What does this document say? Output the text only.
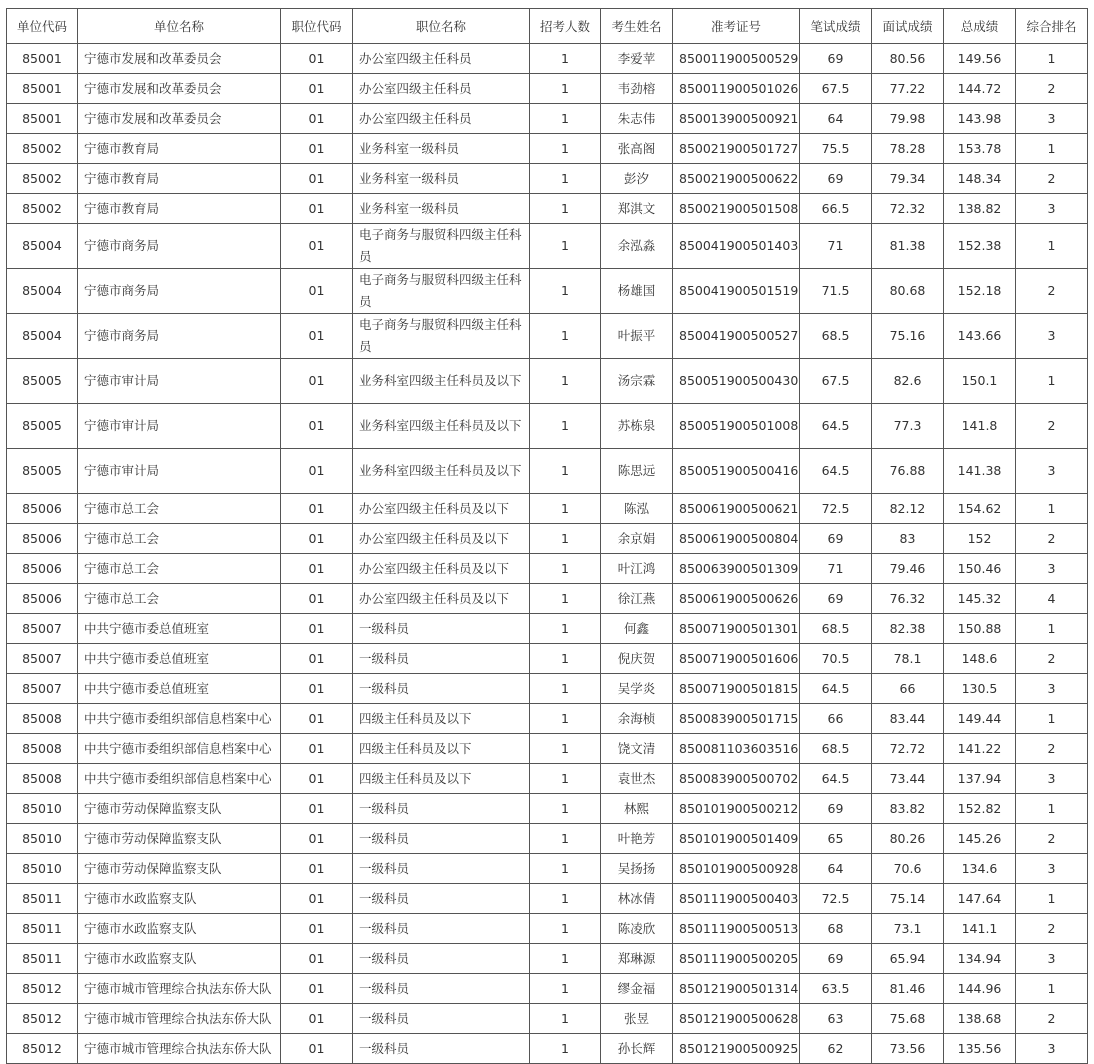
单位代码	单位名称	职位代码	职位名称	招考人数	考生姓名	准考证号	笔试成绩	面试成绩	总成绩	综合排名
85001	宁德市发展和改革委员会	01	办公室四级主任科员	1	李爱苹	850011900500529	69	80.56	149.56	1
85001	宁德市发展和改革委员会	01	办公室四级主任科员	1	韦劲榕	850011900501026	67.5	77.22	144.72	2
85001	宁德市发展和改革委员会	01	办公室四级主任科员	1	朱志伟	850013900500921	64	79.98	143.98	3
85002	宁德市教育局	01	业务科室一级科员	1	张高阁	850021900501727	75.5	78.28	153.78	1
85002	宁德市教育局	01	业务科室一级科员	1	彭汐	850021900500622	69	79.34	148.34	2
85002	宁德市教育局	01	业务科室一级科员	1	郑淇文	850021900501508	66.5	72.32	138.82	3
85004	宁德市商务局	01	电子商务与服贸科四级主任科员	1	余泓淼	850041900501403	71	81.38	152.38	1
85004	宁德市商务局	01	电子商务与服贸科四级主任科员	1	杨雄国	850041900501519	71.5	80.68	152.18	2
85004	宁德市商务局	01	电子商务与服贸科四级主任科员	1	叶振平	850041900500527	68.5	75.16	143.66	3
85005	宁德市审计局	01	业务科室四级主任科员及以下	1	汤宗霖	850051900500430	67.5	82.6	150.1	1
85005	宁德市审计局	01	业务科室四级主任科员及以下	1	苏栋泉	850051900501008	64.5	77.3	141.8	2
85005	宁德市审计局	01	业务科室四级主任科员及以下	1	陈思远	850051900500416	64.5	76.88	141.38	3
85006	宁德市总工会	01	办公室四级主任科员及以下	1	陈泓	850061900500621	72.5	82.12	154.62	1
85006	宁德市总工会	01	办公室四级主任科员及以下	1	余京娟	850061900500804	69	83	152	2
85006	宁德市总工会	01	办公室四级主任科员及以下	1	叶江鸿	850063900501309	71	79.46	150.46	3
85006	宁德市总工会	01	办公室四级主任科员及以下	1	徐江燕	850061900500626	69	76.32	145.32	4
85007	中共宁德市委总值班室	01	一级科员	1	何鑫	850071900501301	68.5	82.38	150.88	1
85007	中共宁德市委总值班室	01	一级科员	1	倪庆贺	850071900501606	70.5	78.1	148.6	2
85007	中共宁德市委总值班室	01	一级科员	1	吴学炎	850071900501815	64.5	66	130.5	3
85008	中共宁德市委组织部信息档案中心	01	四级主任科员及以下	1	余海桢	850083900501715	66	83.44	149.44	1
85008	中共宁德市委组织部信息档案中心	01	四级主任科员及以下	1	饶文清	850081103603516	68.5	72.72	141.22	2
85008	中共宁德市委组织部信息档案中心	01	四级主任科员及以下	1	袁世杰	850083900500702	64.5	73.44	137.94	3
85010	宁德市劳动保障监察支队	01	一级科员	1	林熙	850101900500212	69	83.82	152.82	1
85010	宁德市劳动保障监察支队	01	一级科员	1	叶艳芳	850101900501409	65	80.26	145.26	2
85010	宁德市劳动保障监察支队	01	一级科员	1	吴扬扬	850101900500928	64	70.6	134.6	3
85011	宁德市水政监察支队	01	一级科员	1	林冰倩	850111900500403	72.5	75.14	147.64	1
85011	宁德市水政监察支队	01	一级科员	1	陈凌欣	850111900500513	68	73.1	141.1	2
85011	宁德市水政监察支队	01	一级科员	1	郑琳源	850111900500205	69	65.94	134.94	3
85012	宁德市城市管理综合执法东侨大队	01	一级科员	1	缪金福	850121900501314	63.5	81.46	144.96	1
85012	宁德市城市管理综合执法东侨大队	01	一级科员	1	张昱	850121900500628	63	75.68	138.68	2
85012	宁德市城市管理综合执法东侨大队	01	一级科员	1	孙长辉	850121900500925	62	73.56	135.56	3
